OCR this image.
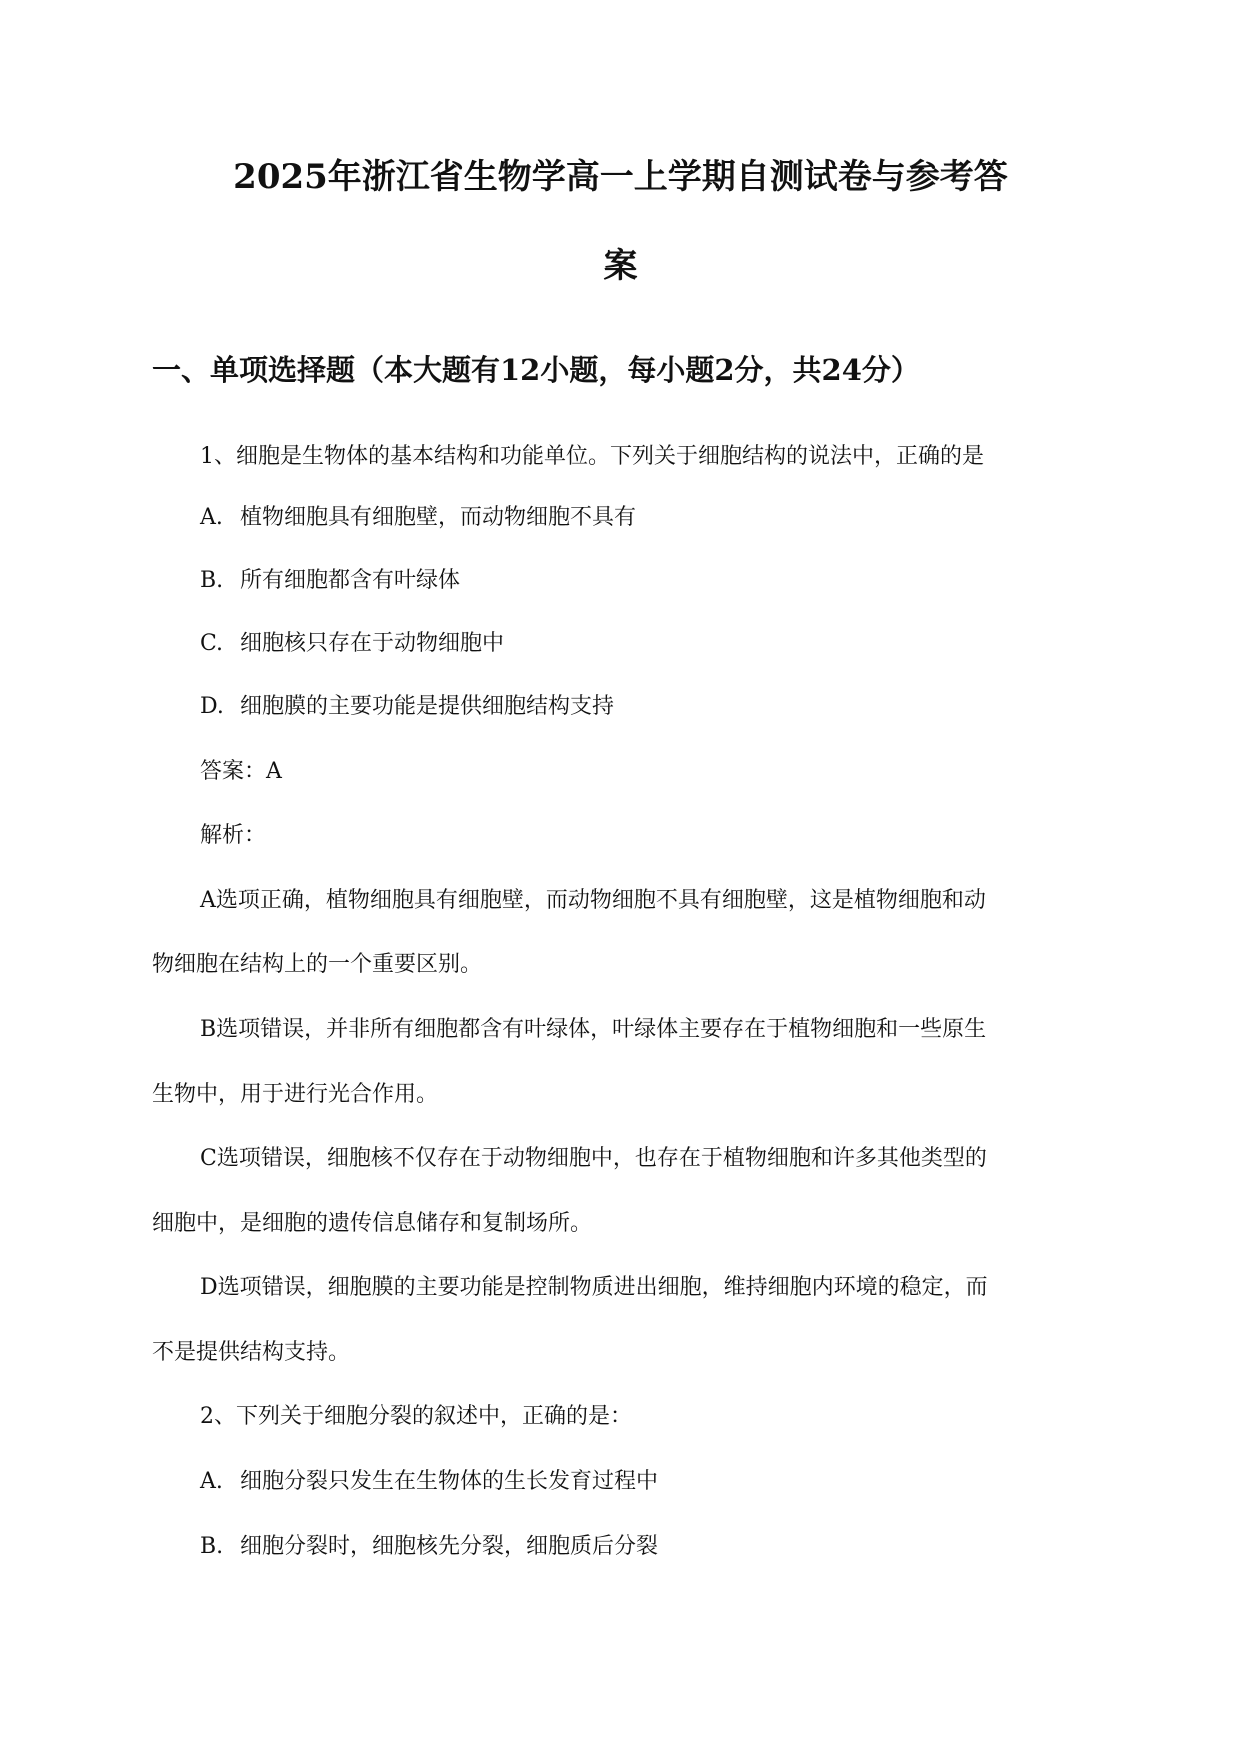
2025年浙江省生物学高一上学期自测试卷与参考答
案
一、单项选择题（本大题有12小题，每小题2分，共24分）
1、细胞是生物体的基本结构和功能单位。下列关于细胞结构的说法中，正确的是
A. 植物细胞具有细胞壁，而动物细胞不具有
B. 所有细胞都含有叶绿体
C. 细胞核只存在于动物细胞中
D. 细胞膜的主要功能是提供细胞结构支持
答案：A
解析：
A选项正确，植物细胞具有细胞壁，而动物细胞不具有细胞壁，这是植物细胞和动
物细胞在结构上的一个重要区别。
B选项错误，并非所有细胞都含有叶绿体，叶绿体主要存在于植物细胞和一些原生
生物中，用于进行光合作用。
C选项错误，细胞核不仅存在于动物细胞中，也存在于植物细胞和许多其他类型的
细胞中，是细胞的遗传信息储存和复制场所。
D选项错误，细胞膜的主要功能是控制物质进出细胞，维持细胞内环境的稳定，而
不是提供结构支持。
2、下列关于细胞分裂的叙述中，正确的是：
A. 细胞分裂只发生在生物体的生长发育过程中
B. 细胞分裂时，细胞核先分裂，细胞质后分裂
